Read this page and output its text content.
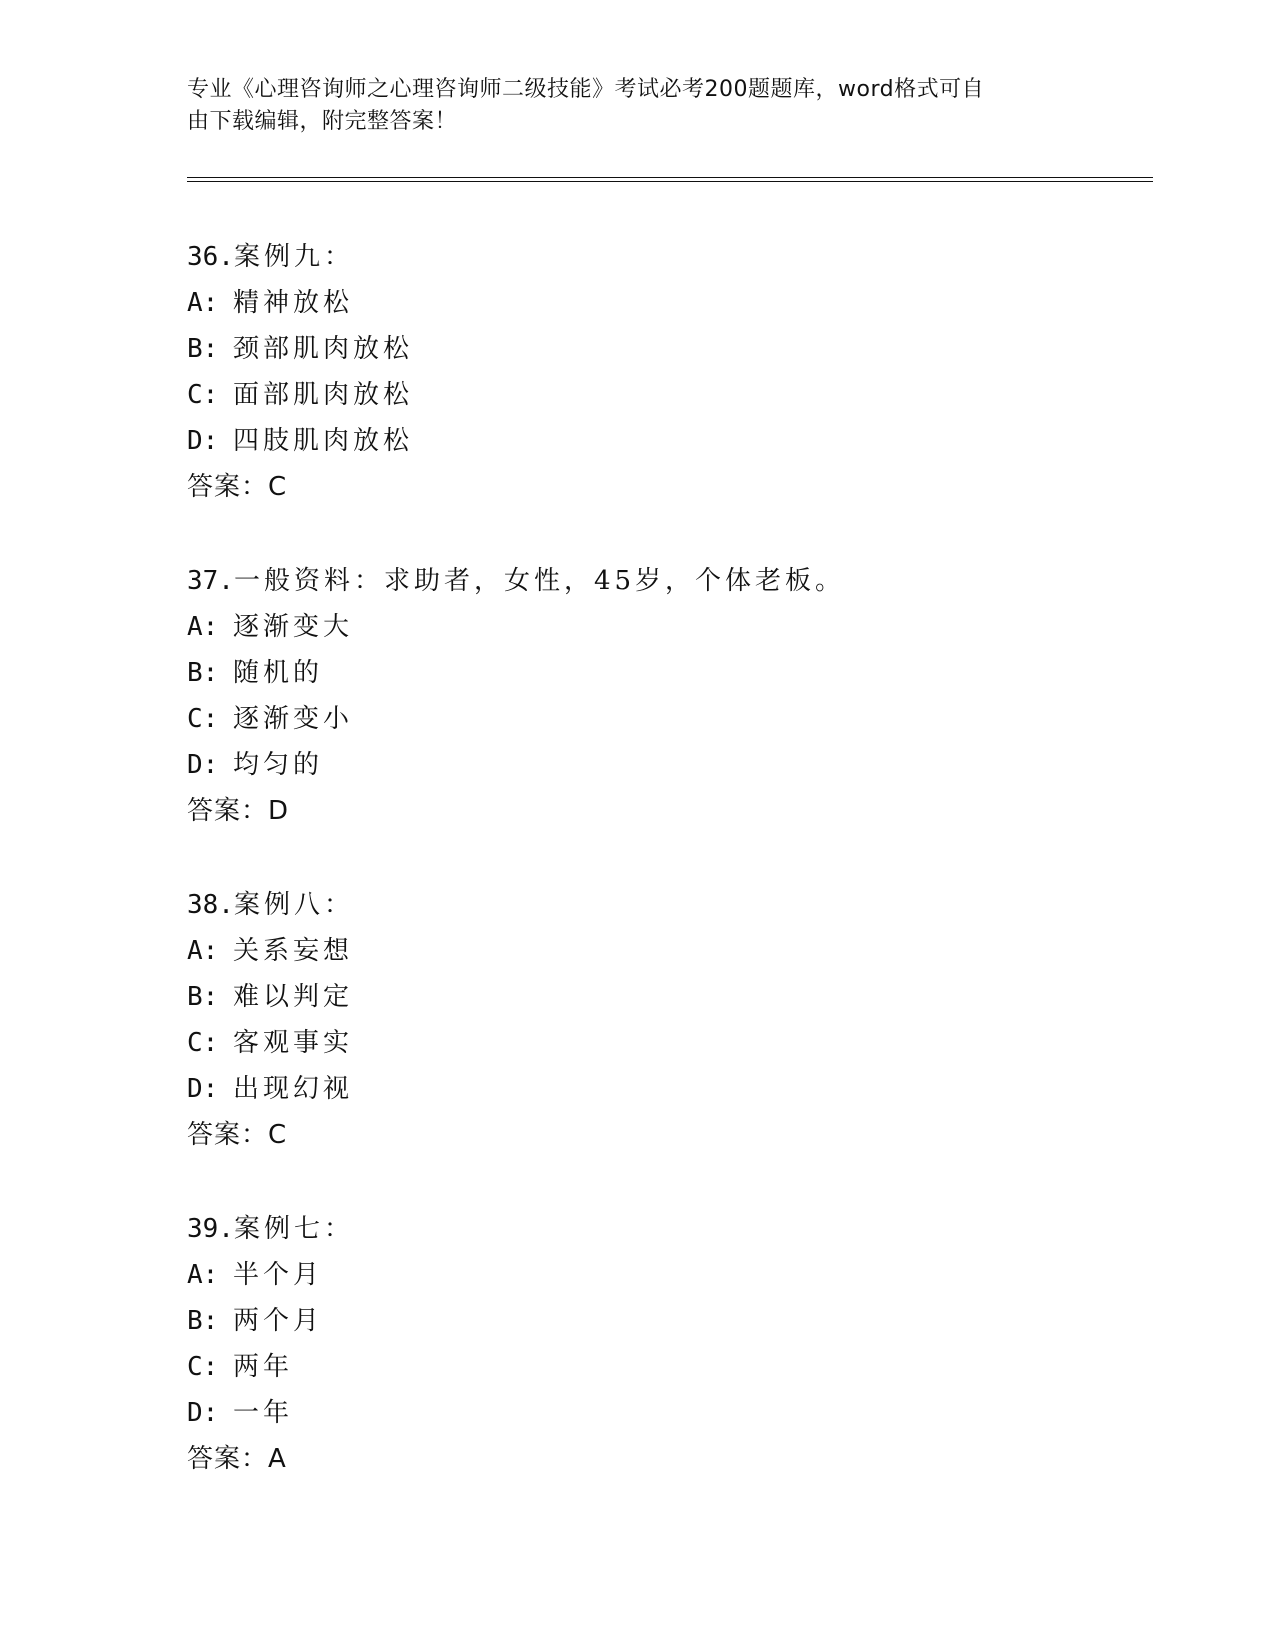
专业《心理咨询师之心理咨询师二级技能》考试必考200题题库，word格式可自
由下载编辑，附完整答案！
36.案例九：
A: 精神放松
B: 颈部肌肉放松
C: 面部肌肉放松
D: 四肢肌肉放松
答案：C
37.一般资料：求助者，女性，45岁，个体老板。
A: 逐渐变大
B: 随机的
C: 逐渐变小
D: 均匀的
答案：D
38.案例八：
A: 关系妄想
B: 难以判定
C: 客观事实
D: 出现幻视
答案：C
39.案例七：
A: 半个月
B: 两个月
C: 两年
D: 一年
答案：A
